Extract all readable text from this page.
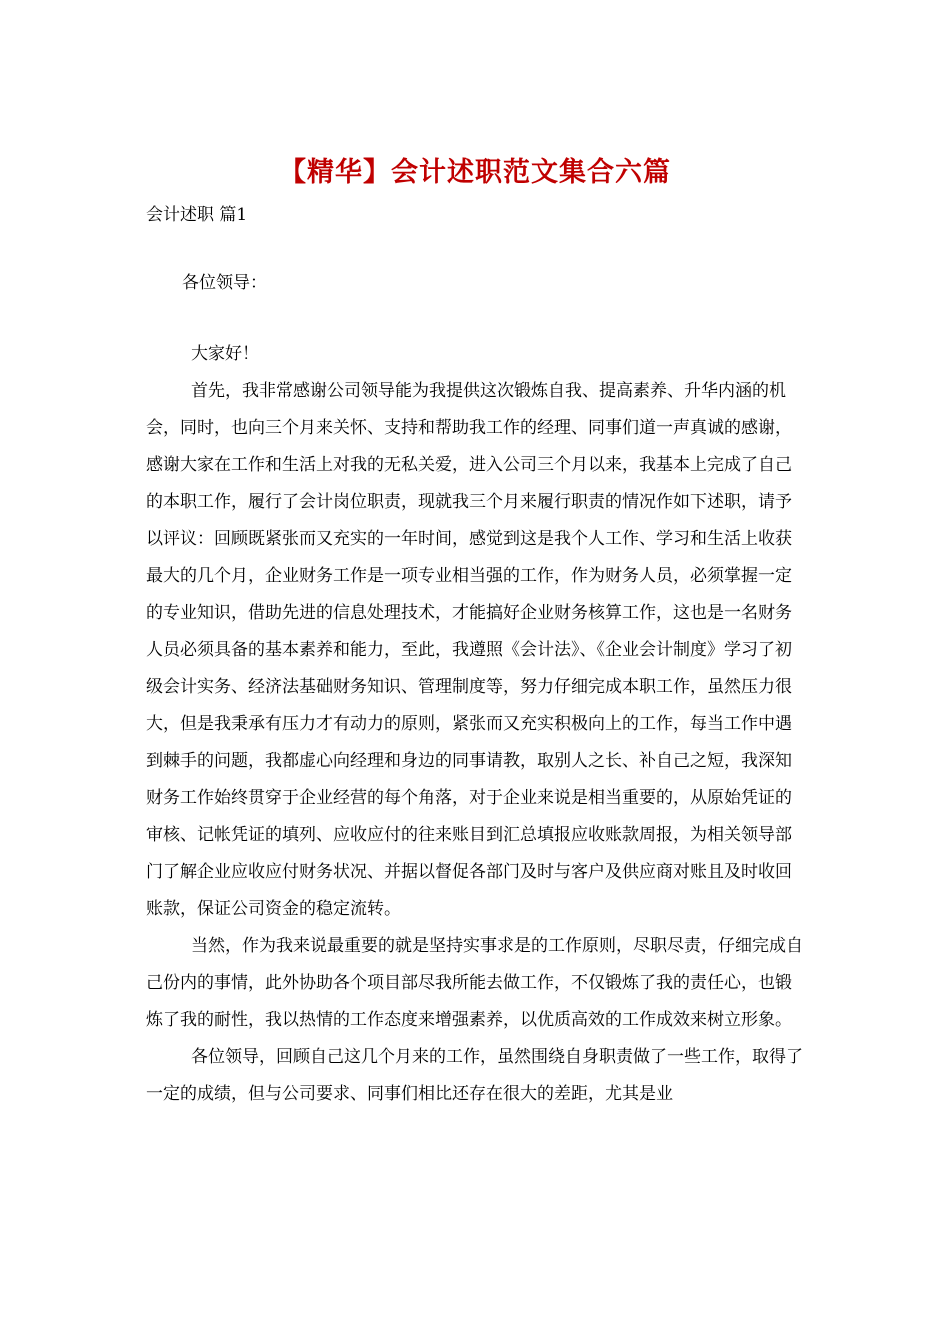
【精华】会计述职范文集合六篇
会计述职 篇1
各位领导：

大家好！

首先，我非常感谢公司领导能为我提供这次锻炼自我、提高素养、升华内涵的机会，同时，也向三个月来关怀、支持和帮助我工作的经理、同事们道一声真诚的感谢，感谢大家在工作和生活上对我的无私关爱，进入公司三个月以来，我基本上完成了自己的本职工作，履行了会计岗位职责，现就我三个月来履行职责的情况作如下述职，请予以评议：回顾既紧张而又充实的一年时间，感觉到这是我个人工作、学习和生活上收获最大的几个月，企业财务工作是一项专业相当强的工作，作为财务人员，必须掌握一定的专业知识，借助先进的信息处理技术，才能搞好企业财务核算工作，这也是一名财务人员必须具备的基本素养和能力，至此，我遵照《会计法》、《企业会计制度》学习了初级会计实务、经济法基础财务知识、管理制度等，努力仔细完成本职工作，虽然压力很大，但是我秉承有压力才有动力的原则，紧张而又充实积极向上的工作，每当工作中遇到棘手的问题，我都虚心向经理和身边的同事请教，取别人之长、补自己之短，我深知财务工作始终贯穿于企业经营的每个角落，对于企业来说是相当重要的，从原始凭证的审核、记帐凭证的填列、应收应付的往来账目到汇总填报应收账款周报，为相关领导部门了解企业应收应付财务状况、并据以督促各部门及时与客户及供应商对账且及时收回账款，保证公司资金的稳定流转。

当然，作为我来说最重要的就是坚持实事求是的工作原则，尽职尽责，仔细完成自己份内的事情，此外协助各个项目部尽我所能去做工作，不仅锻炼了我的责任心，也锻炼了我的耐性，我以热情的工作态度来增强素养，以优质高效的工作成效来树立形象。

各位领导，回顾自己这几个月来的工作，虽然围绕自身职责做了一些工作，取得了一定的成绩，但与公司要求、同事们相比还存在很大的差距，尤其是业
